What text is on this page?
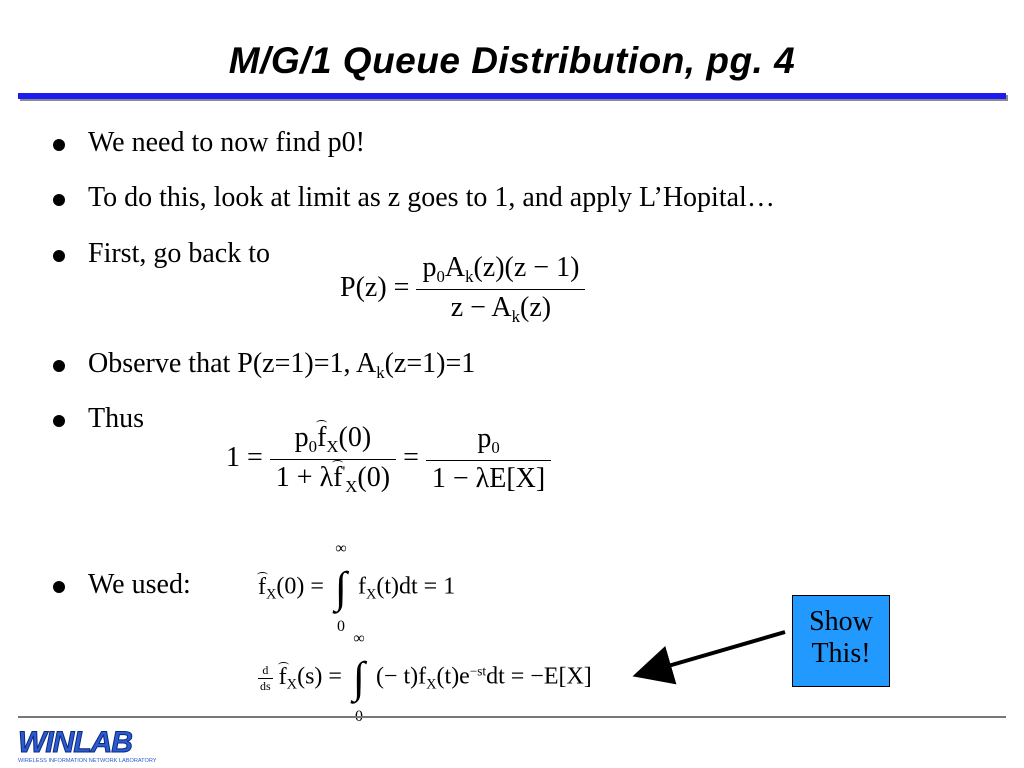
M/G/1 Queue Distribution, pg. 4
We need to now find p0!
To do this, look at limit as z goes to 1, and apply L’Hopital…
First, go back to
$P(z) = \frac{p_0A_k(z)(z - 1)}{z - A_k(z)}$
Observe that P(z=1)=1, $A_k(z=1)=1$
Thus
$1 = \frac{p_0f_X(0)}{1 + \lambda f'_X(0)} = \frac{p_0}{1 - \lambda E[X]}$
We used:	$f_X(0)$ =
∞
∫
0
$f_X(t)dt = 1$
$\frac{d}{ds} f_X(s)$ =
∞
∫ (− $t)f_X(t)e^{-st}dt = -E[X]$
Show
This!
WINLAB
WIRELESS INFORMATION NETWORK LABORATORY
